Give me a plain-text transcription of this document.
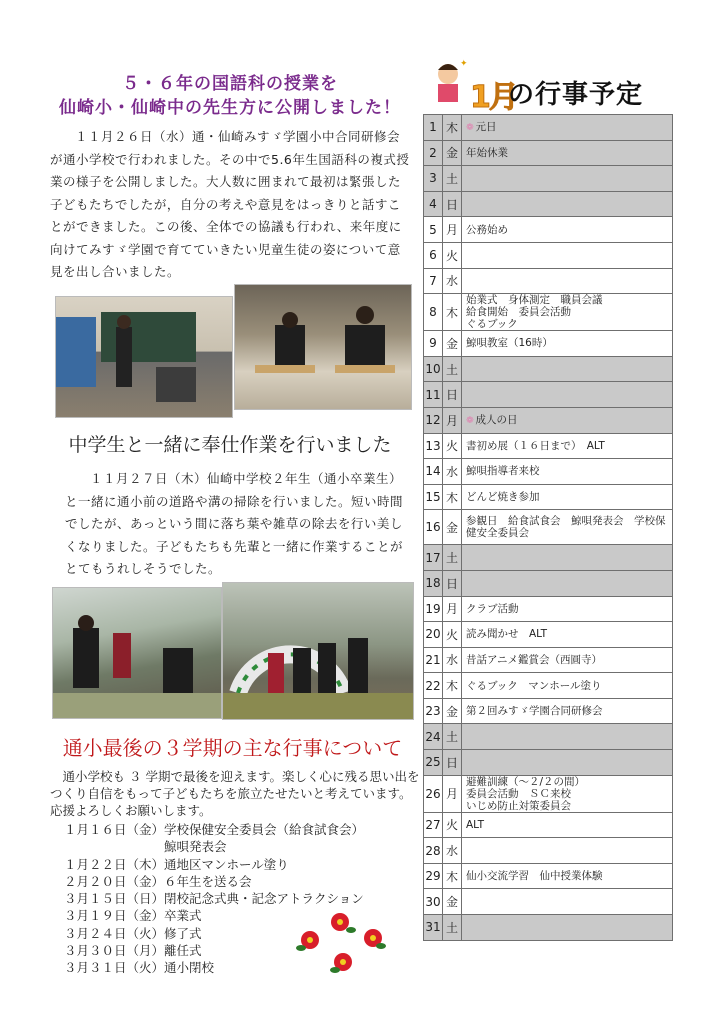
５・６年の国語科の授業を
仙崎小・仙崎中の先生方に公開しました！
１１月２６日（水）通・仙崎みすゞ学園小中合同研修会が通小学校で行われました。その中で5.6年生国語科の複式授業の様子を公開しました。大人数に囲まれて最初は緊張した子どもたちでしたが，自分の考えや意見をはっきりと話すことができました。この後、全体での協議も行われ、来年度に向けてみすゞ学園で育てていきたい児童生徒の姿について意見を出し合いました。
中学生と一緒に奉仕作業を行いました
１１月２７日（木）仙崎中学校２年生（通小卒業生）と一緒に通小前の道路や溝の掃除を行いました。短い時間でしたが、あっという間に落ち葉や雑草の除去を行い美しくなりました。子どもたちも先輩と一緒に作業することがとてもうれしそうでした。
通小最後の３学期の主な行事について
通小学校も ３ 学期で最後を迎えます。楽しく心に残る思い出をつくり自信をもって子どもたちを旅立たせたいと考えています。応援よろしくお願いします。
１月１６日（金）学校保健安全委員会（給食試食会）
　　　　　　　　鯨唄発表会
１月２２日（木）通地区マンホール塗り
２月２０日（金）６年生を送る会
３月１５日（日）閉校記念式典・記念アトラクション
３月１９日（金）卒業式
３月２４日（火）修了式
３月３０日（月）離任式
３月３１日（火）通小閉校
✦
1月
の行事予定
1	木	❁ 元日
2	金	年始休業
3	土	
4	日	
5	月	公務始め
6	火	
7	水	
8	木	始業式　身体測定　職員会議
給食開始　委員会活動
ぐるブック
9	金	鯨唄教室（16時）
10	土	
11	日	
12	月	❁ 成人の日
13	火	書初め展（１６日まで）　ALT
14	水	鯨唄指導者来校
15	木	どんど焼き参加
16	金	参観日　給食試食会　鯨唄発表会　学校保健安全委員会
17	土	
18	日	
19	月	クラブ活動
20	火	読み聞かせ　ALT
21	水	昔話アニメ鑑賞会（西圓寺）
22	木	ぐるブック　マンホール塗り
23	金	第２回みすゞ学園合同研修会
24	土	
25	日	
26	月	避難訓練（～２/２の間）
委員会活動　ＳＣ来校
いじめ防止対策委員会
27	火	ALT
28	水	
29	木	仙小交流学習　仙中授業体験
30	金	
31	土	
